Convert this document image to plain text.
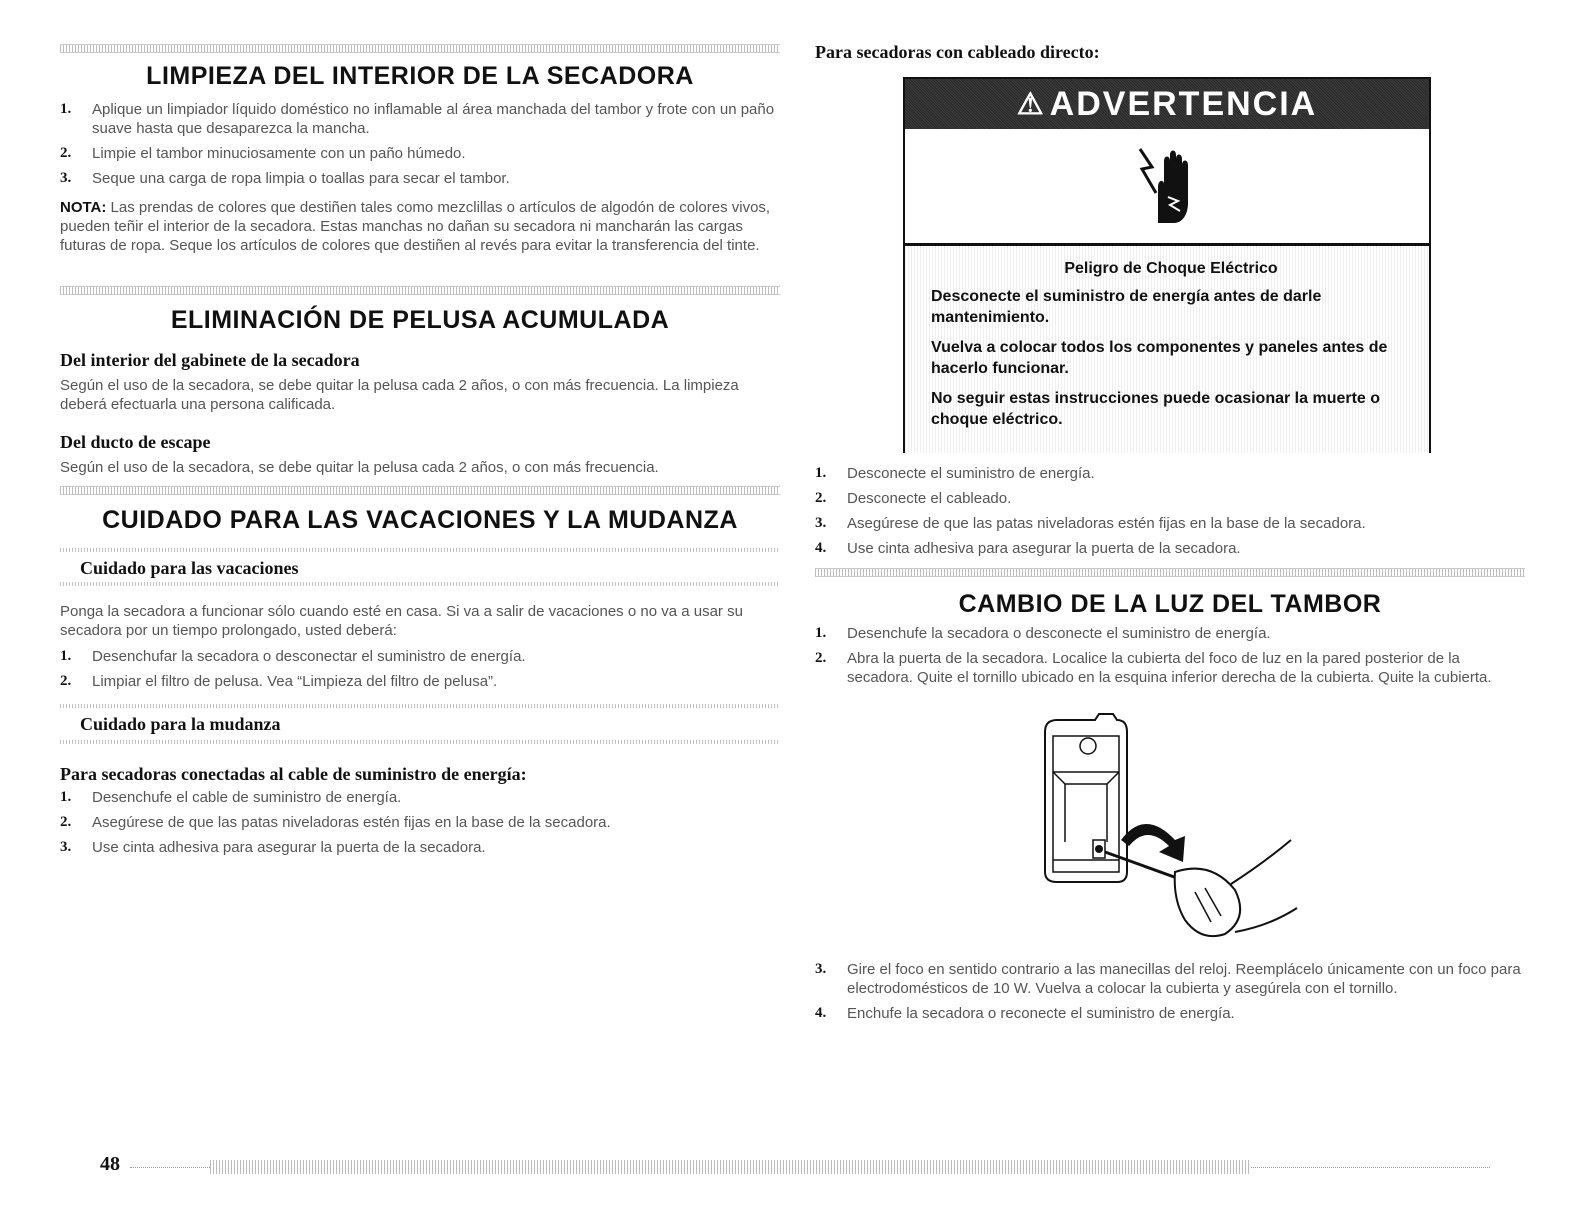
LIMPIEZA DEL INTERIOR DE LA SECADORA
1. Aplique un limpiador líquido doméstico no inflamable al área manchada del tambor y frote con un paño suave hasta que desaparezca la mancha.
2. Limpie el tambor minuciosamente con un paño húmedo.
3. Seque una carga de ropa limpia o toallas para secar el tambor.

NOTA: Las prendas de colores que destiñen tales como mezclillas o artículos de algodón de colores vivos, pueden teñir el interior de la secadora. Estas manchas no dañan su secadora ni mancharán las cargas futuras de ropa. Seque los artículos de colores que destiñen al revés para evitar la transferencia del tinte.

ELIMINACIÓN DE PELUSA ACUMULADA
Del interior del gabinete de la secadora

Según el uso de la secadora, se debe quitar la pelusa cada 2 años, o con más frecuencia. La limpieza deberá efectuarla una persona calificada.

Del ducto de escape

Según el uso de la secadora, se debe quitar la pelusa cada 2 años, o con más frecuencia.

CUIDADO PARA LAS VACACIONES Y LA MUDANZA
Cuidado para las vacaciones

Ponga la secadora a funcionar sólo cuando esté en casa. Si va a salir de vacaciones o no va a usar su secadora por un tiempo prolongado, usted deberá:

1. Desenchufar la secadora o desconectar el suministro de energía.
2. Limpiar el filtro de pelusa. Vea “Limpieza del filtro de pelusa”.
Cuidado para la mudanza
Para secadoras conectadas al cable de suministro de energía:
1. Desenchufe el cable de suministro de energía.
2. Asegúrese de que las patas niveladoras estén fijas en la base de la secadora.
3. Use cinta adhesiva para asegurar la puerta de la secadora.
Para secadoras con cableado directo:
⚠ ADVERTENCIA
Peligro de Choque Eléctrico
Desconecte el suministro de energía antes de darle mantenimiento.
Vuelva a colocar todos los componentes y paneles antes de hacerlo funcionar.
No seguir estas instrucciones puede ocasionar la muerte o choque eléctrico.
1. Desconecte el suministro de energía.
2. Desconecte el cableado.
3. Asegúrese de que las patas niveladoras estén fijas en la base de la secadora.
4. Use cinta adhesiva para asegurar la puerta de la secadora.
CAMBIO DE LA LUZ DEL TAMBOR
1. Desenchufe la secadora o desconecte el suministro de energía.
2. Abra la puerta de la secadora. Localice la cubierta del foco de luz en la pared posterior de la secadora. Quite el tornillo ubicado en la esquina inferior derecha de la cubierta. Quite la cubierta.
3. Gire el foco en sentido contrario a las manecillas del reloj. Reemplácelo únicamente con un foco para electrodomésticos de 10 W. Vuelva a colocar la cubierta y asegúrela con el tornillo.
4. Enchufe la secadora o reconecte el suministro de energía.
48
